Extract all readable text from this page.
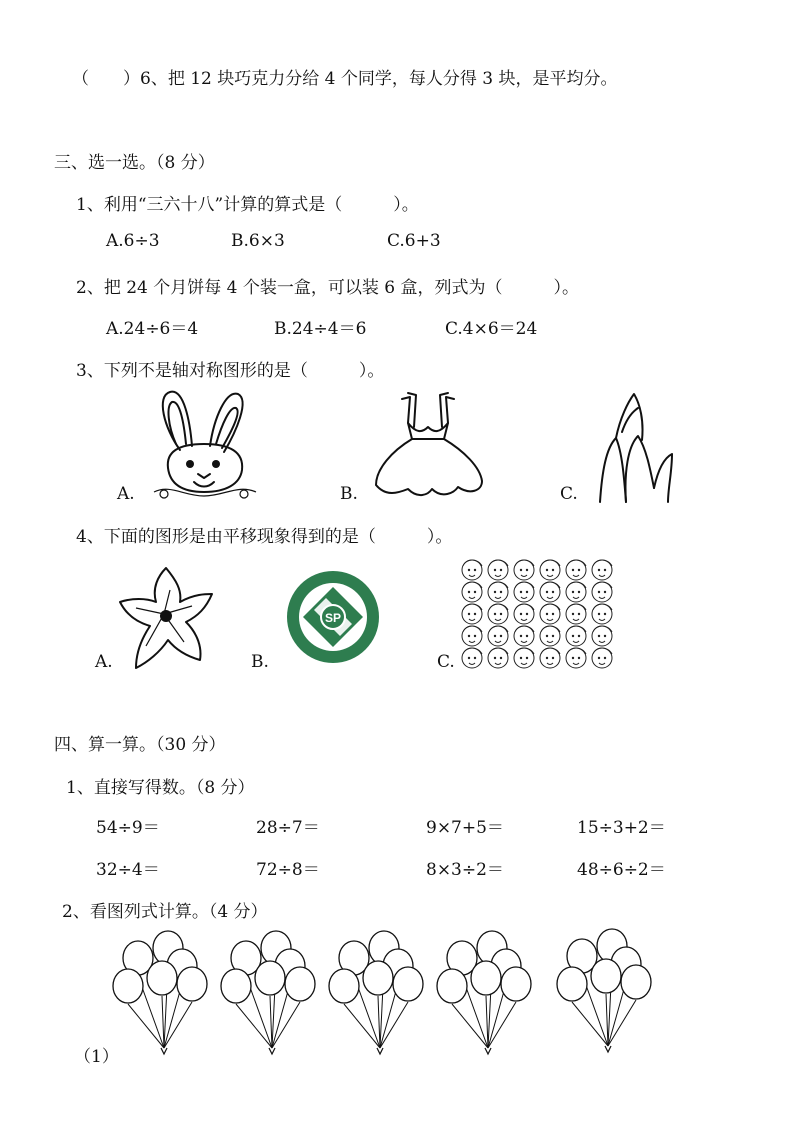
（　　）6、把 12 块巧克力分给 4 个同学，每人分得 3 块，是平均分。
三、选一选。（8 分）
1、利用“三六十八”计算的算式是（　　　）。
A.6÷3	B.6×3	C.6+3
2、把 24 个月饼每 4 个装一盒，可以装 6 盒，列式为（　　　）。
A.24÷6＝4	B.24÷4＝6	C.4×6＝24
3、下列不是轴对称图形的是（　　　）。
A.	B.	C.
4、下面的图形是由平移现象得到的是（　　　）。
A.
SP
B.	C.
四、算一算。（30 分）
1、直接写得数。（8 分）
54÷9＝	28÷7＝	9×7+5＝	15÷3+2＝
32÷4＝	72÷8＝	8×3÷2＝	48÷6÷2＝
2、看图列式计算。（4 分）
（1）
